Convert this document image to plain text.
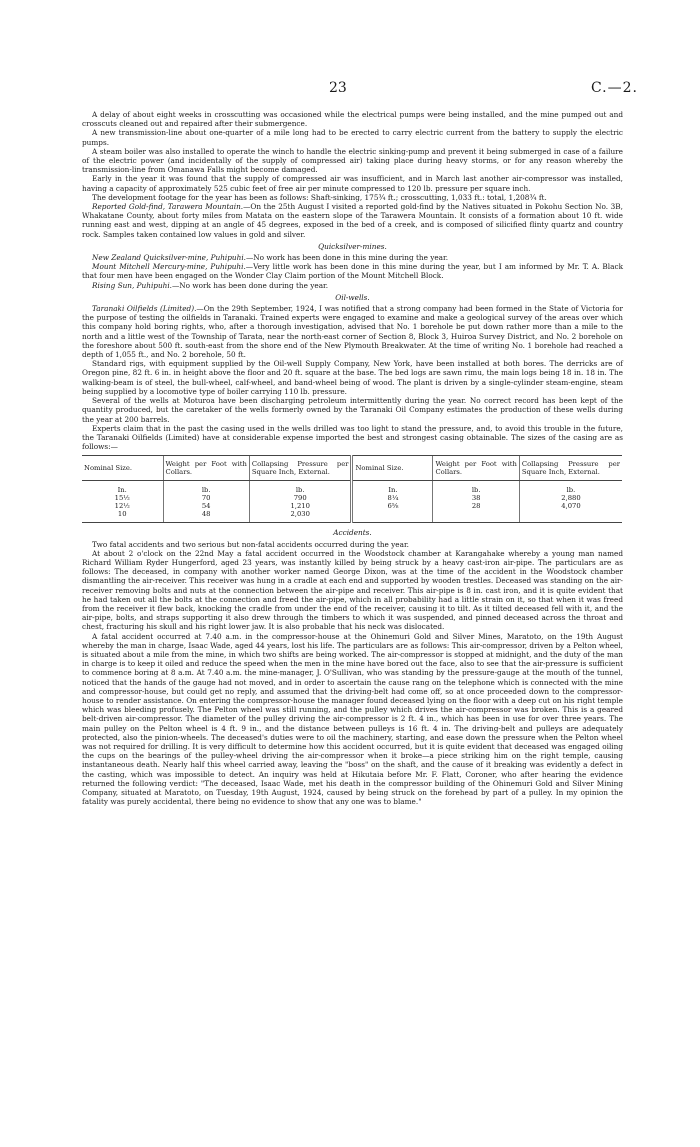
23	C.—2.

A delay of about eight weeks in crosscutting was occasioned while the electrical pumps were being installed, and the mine pumped out and crosscuts cleaned out and repaired after their submergence.

A new transmission-line about one-quarter of a mile long had to be erected to carry electric current from the battery to supply the electric pumps.

A steam boiler was also installed to operate the winch to handle the electric sinking-pump and prevent it being submerged in case of a failure of the electric power (and incidentally of the supply of compressed air) taking place during heavy storms, or for any reason whereby the transmission-line from Omanawa Falls might become damaged.

Early in the year it was found that the supply of compressed air was insufficient, and in March last another air-compressor was installed, having a capacity of approximately 525 cubic feet of free air per minute compressed to 120 lb. pressure per square inch.

The development footage for the year has been as follows: Shaft-sinking, 175¾ ft.; crosscutting, 1,033 ft.: total, 1,208¾ ft.

Reported Gold-find, Tarawera Mountain.—On the 25th August I visited a reported gold-find by the Natives situated in Pokohu Section No. 3B, Whakatane County, about forty miles from Matata on the eastern slope of the Tarawera Mountain. It consists of a formation about 10 ft. wide running east and west, dipping at an angle of 45 degrees, exposed in the bed of a creek, and is composed of silicified flinty quartz and country rock. Samples taken contained low values in gold and silver.

Quicksilver-mines.

New Zealand Quicksilver-mine, Puhipuhi.—No work has been done in this mine during the year.

Mount Mitchell Mercury-mine, Puhipuhi.—Very little work has been done in this mine during the year, but I am informed by Mr. T. A. Black that four men have been engaged on the Wonder Clay Claim portion of the Mount Mitchell Block.

Rising Sun, Puhipuhi.—No work has been done during the year.

Oil-wells.

Taranaki Oilfields (Limited).—On the 29th September, 1924, I was notified that a strong company had been formed in the State of Victoria for the purpose of testing the oilfields in Taranaki. Trained experts were engaged to examine and make a geological survey of the areas over which this company hold boring rights, who, after a thorough investigation, advised that No. 1 borehole be put down rather more than a mile to the north and a little west of the Township of Tarata, near the north-east corner of Section 8, Block 3, Huiroa Survey District, and No. 2 borehole on the foreshore about 500 ft. south-east from the shore end of the New Plymouth Breakwater. At the time of writing No. 1 borehole had reached a depth of 1,055 ft., and No. 2 borehole, 50 ft.

Standard rigs, with equipment supplied by the Oil-well Supply Company, New York, have been installed at both bores. The derricks are of Oregon pine, 82 ft. 6 in. in height above the floor and 20 ft. square at the base. The bed logs are sawn rimu, the main logs being 18 in. 18 in. The walking-beam is of steel, the bull-wheel, calf-wheel, and band-wheel being of wood. The plant is driven by a single-cylinder steam-engine, steam being supplied by a locomotive type of boiler carrying 110 lb. pressure.

Several of the wells at Moturoa have been discharging petroleum intermittently during the year. No correct record has been kept of the quantity produced, but the caretaker of the wells formerly owned by the Taranaki Oil Company estimates the production of these wells during the year at 200 barrels.

Experts claim that in the past the casing used in the wells drilled was too light to stand the pressure, and, to avoid this trouble in the future, the Taranaki Oilfields (Limited) have at considerable expense imported the best and strongest casing obtainable. The sizes of the casing are as follows:—

Nominal Size.	Weight per Foot with Collars.	Collapsing Pressure per Square Inch, External.	Nominal Size.	Weight per Foot with Collars.	Collapsing Pressure per Square Inch, External.
In.	lb.	lb.	In.	lb.	lb.
15½	70	790	8¼	38	2,880
12½	54	1,210	6⅝	28	4,070
10	48	2,030			
Accidents.

Two fatal accidents and two serious but non-fatal accidents occurred during the year.

At about 2 o'clock on the 22nd May a fatal accident occurred in the Woodstock chamber at Karangahake whereby a young man named Richard William Ryder Hungerford, aged 23 years, was instantly killed by being struck by a heavy cast-iron air-pipe. The particulars are as follows: The deceased, in company with another worker named George Dixon, was at the time of the accident in the Woodstock chamber dismantling the air-receiver. This receiver was hung in a cradle at each end and supported by wooden trestles. Deceased was standing on the air-receiver removing bolts and nuts at the connection between the air-pipe and receiver. This air-pipe is 8 in. cast iron, and it is quite evident that he had taken out all the bolts at the connection and freed the air-pipe, which in all probability had a little strain on it, so that when it was freed from the receiver it flew back, knocking the cradle from under the end of the receiver, causing it to tilt. As it tilted deceased fell with it, and the air-pipe, bolts, and straps supporting it also drew through the timbers to which it was suspended, and pinned deceased across the throat and chest, fracturing his skull and his right lower jaw. It is also probable that his neck was dislocated.

A fatal accident occurred at 7.40 a.m. in the compressor-house at the Ohinemuri Gold and Silver Mines, Maratoto, on the 19th August whereby the man in charge, Isaac Wade, aged 44 years, lost his life. The particulars are as follows: This air-compressor, driven by a Pelton wheel, is situated about a mile from the mine, in which two shifts are being worked. The air-compressor is stopped at midnight, and the duty of the man in charge is to keep it oiled and reduce the speed when the men in the mine have bored out the face, also to see that the air-pressure is sufficient to commence boring at 8 a.m. At 7.40 a.m. the mine-manager, J. O'Sullivan, who was standing by the pressure-gauge at the mouth of the tunnel, noticed that the hands of the gauge had not moved, and in order to ascertain the cause rang on the telephone which is connected with the mine and compressor-house, but could get no reply, and assumed that the driving-belt had come off, so at once proceeded down to the compressor-house to render assistance. On entering the compressor-house the manager found deceased lying on the floor with a deep cut on his right temple which was bleeding profusely. The Pelton wheel was still running, and the pulley which drives the air-compressor was broken. This is a geared belt-driven air-compressor. The diameter of the pulley driving the air-compressor is 2 ft. 4 in., which has been in use for over three years. The main pulley on the Pelton wheel is 4 ft. 9 in., and the distance between pulleys is 16 ft. 4 in. The driving-belt and pulleys are adequately protected, also the pinion-wheels. The deceased's duties were to oil the machinery, starting, and ease down the pressure when the Pelton wheel was not required for drilling. It is very difficult to determine how this accident occurred, but it is quite evident that deceased was engaged oiling the cups on the bearings of the pulley-wheel driving the air-compressor when it broke—a piece striking him on the right temple, causing instantaneous death. Nearly half this wheel carried away, leaving the "boss" on the shaft, and the cause of it breaking was evidently a defect in the casting, which was impossible to detect. An inquiry was held at Hikutaia before Mr. F. Flatt, Coroner, who after hearing the evidence returned the following verdict: "The deceased, Isaac Wade, met his death in the compressor building of the Ohinemuri Gold and Silver Mining Company, situated at Maratoto, on Tuesday, 19th August, 1924, caused by being struck on the forehead by part of a pulley. In my opinion the fatality was purely accidental, there being no evidence to show that any one was to blame."
